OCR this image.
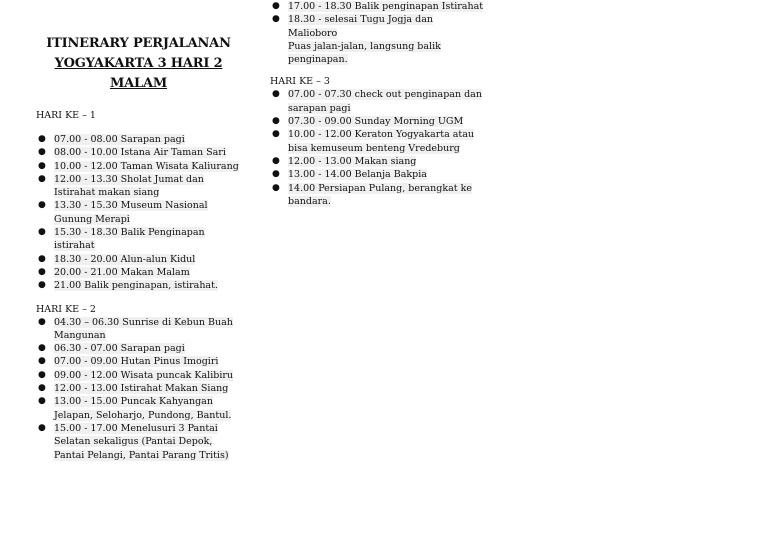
ITINERARY PERJALANAN
YOGYAKARTA 3 HARI 2
MALAM

HARI KE – 1

● 07.00 - 08.00 Sarapan pagi
● 08.00 - 10.00 Istana Air Taman Sari
● 10.00 - 12.00 Taman Wisata Kaliurang
● 12.00 - 13.30 Sholat Jumat dan Istirahat makan siang
● 13.30 - 15.30 Museum Nasional Gunung Merapi
● 15.30 - 18.30 Balik Penginapan istirahat
● 18.30 - 20.00 Alun-alun Kidul
● 20.00 - 21.00 Makan Malam
● 21.00 Balik penginapan, istirahat.

HARI KE – 2

● 04.30 – 06.30 Sunrise di Kebun Buah Mangunan
● 06.30 - 07.00 Sarapan pagi
● 07.00 - 09.00 Hutan Pinus Imogiri
● 09.00 - 12.00 Wisata puncak Kalibiru
● 12.00 - 13.00 Istirahat Makan Siang
● 13.00 - 15.00 Puncak Kahyangan Jelapan, Seloharjo, Pundong, Bantul.
● 15.00 - 17.00 Menelusuri 3 Pantai Selatan sekaligus (Pantai Depok, Pantai Pelangi, Pantai Parang Tritis)
● 17.00 - 18.30 Balik penginapan Istirahat
● 18.30 - selesai Tugu Jogja dan Malioboro
Puas jalan-jalan, langsung balik penginapan.

HARI KE – 3

● 07.00 - 07.30 check out penginapan dan sarapan pagi
● 07.30 - 09.00 Sunday Morning UGM
● 10.00 - 12.00 Keraton Yogyakarta atau bisa kemuseum benteng Vredeburg
● 12.00 - 13.00 Makan siang
● 13.00 - 14.00 Belanja Bakpia
● 14.00 Persiapan Pulang, berangkat ke bandara.
